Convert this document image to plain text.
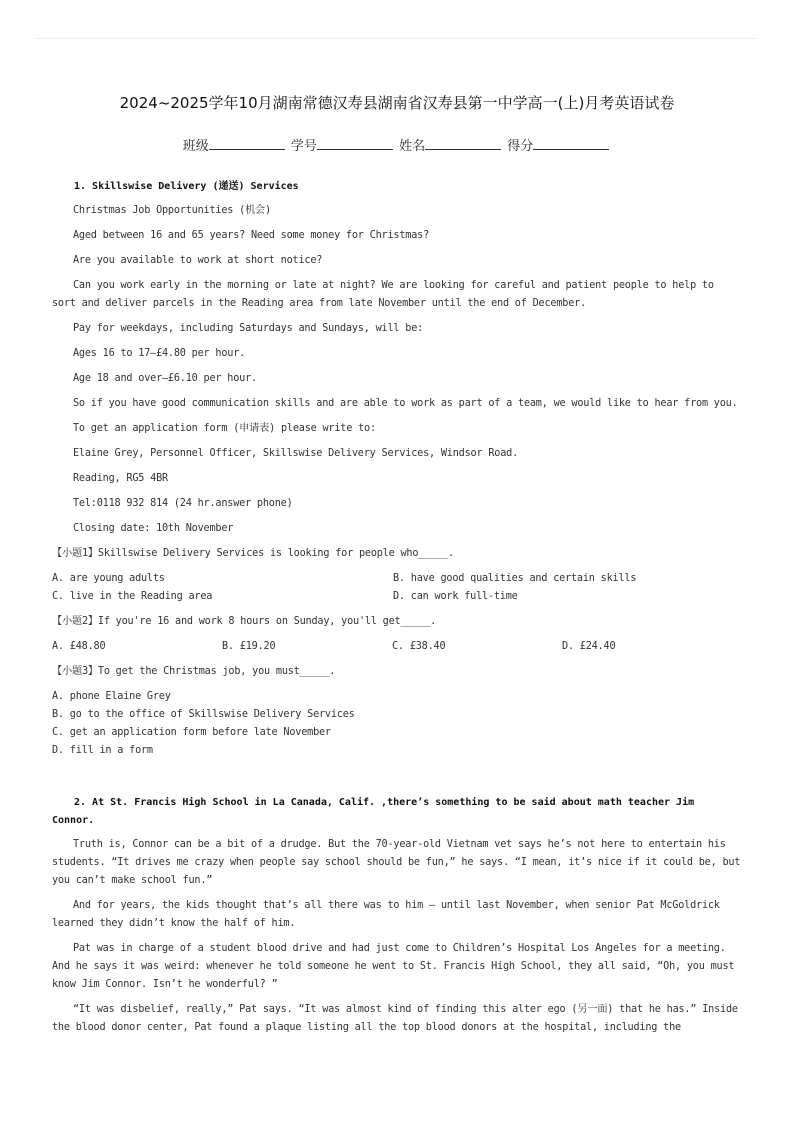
2024~2025学年10月湖南常德汉寿县湖南省汉寿县第一中学高一(上)月考英语试卷
班级	学号	姓名	得分
1. Skillswise Delivery (递送) Services

Christmas Job Opportunities (机会)

Aged between 16 and 65 years? Need some money for Christmas?

Are you available to work at short notice?

Can you work early in the morning or late at night? We are looking for careful and patient people to help to sort and deliver parcels in the Reading area from late November until the end of December.

Pay for weekdays, including Saturdays and Sundays, will be:

Ages 16 to 17—£4.80 per hour.

Age 18 and over—£6.10 per hour.

So if you have good communication skills and are able to work as part of a team, we would like to hear from you.

To get an application form (申请表) please write to:

Elaine Grey, Personnel Officer, Skillswise Delivery Services, Windsor Road.

Reading, RG5 4BR

Tel:0118 932 814 (24 hr.answer phone)

Closing date: 10th November

【小题1】Skillswise Delivery Services is looking for people who_____.

A. are young adults	B. have good qualities and certain skills
C. live in the Reading area	D. can work full-time

【小题2】If you're 16 and work 8 hours on Sunday, you'll get_____.

A. £48.80	B. £19.20	C. £38.40	D. £24.40

【小题3】To get the Christmas job, you must_____.

A. phone Elaine Grey
B. go to the office of Skillswise Delivery Services
C. get an application form before late November
D. fill in a form
2. At St. Francis High School in La Canada, Calif. ,there’s something to be said about math teacher Jim Connor.

Truth is, Connor can be a bit of a drudge. But the 70-year-old Vietnam vet says he’s not here to entertain his students. “It drives me crazy when people say school should be fun,” he says. “I mean, it’s nice if it could be, but you can’t make school fun.”

And for years, the kids thought that’s all there was to him — until last November, when senior Pat McGoldrick learned they didn’t know the half of him.

Pat was in charge of a student blood drive and had just come to Children’s Hospital Los Angeles for a meeting. And he says it was weird: whenever he told someone he went to St. Francis High School, they all said, “Oh, you must know Jim Connor. Isn’t he wonderful? ”

“It was disbelief, really,” Pat says. “It was almost kind of finding this alter ego (另一面) that he has.” Inside the blood donor center, Pat found a plaque listing all the top blood donors at the hospital, including the
